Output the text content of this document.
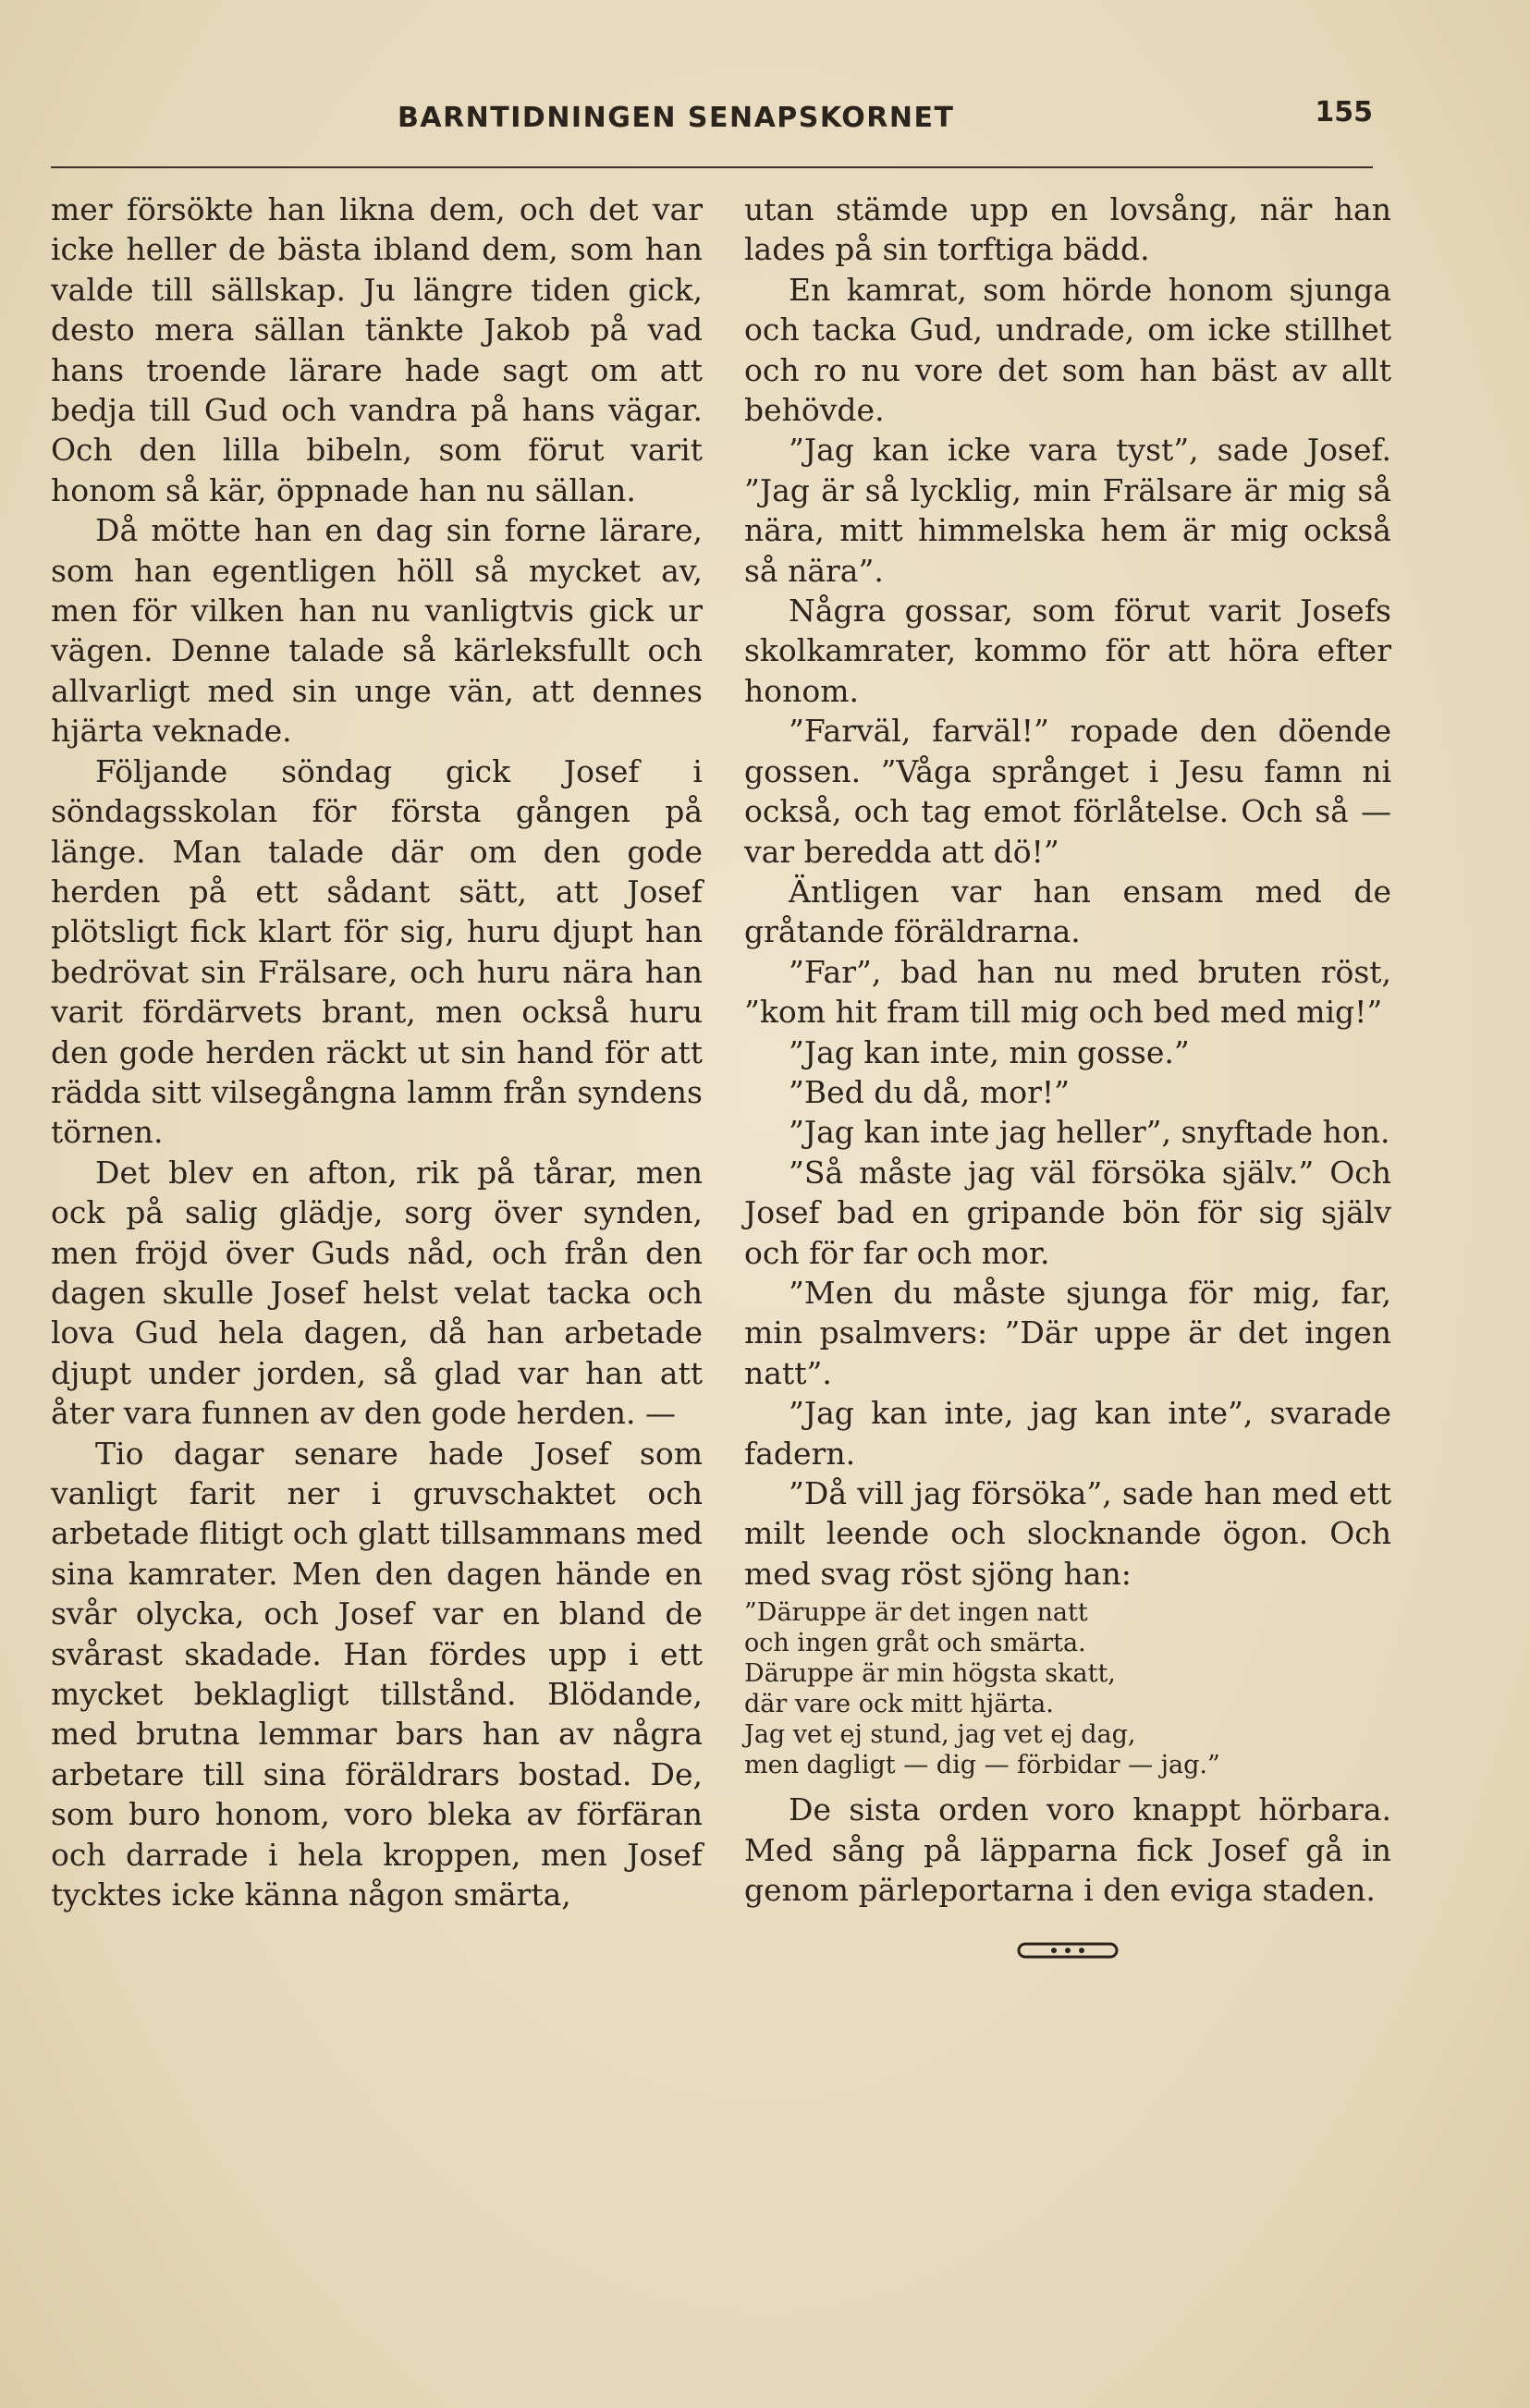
BARNTIDNINGEN SENAPSKORNET	155

mer försökte han likna dem, och det var icke heller de bästa ibland dem, som han valde till sällskap. Ju längre tiden gick, desto mera sällan tänkte Jakob på vad hans troende lärare hade sagt om att bedja till Gud och vandra på hans vägar. Och den lilla bibeln, som förut varit honom så kär, öppnade han nu sällan.

Då mötte han en dag sin forne lärare, som han egentligen höll så mycket av, men för vilken han nu vanligtvis gick ur vägen. Denne talade så kärleksfullt och allvarligt med sin unge vän, att dennes hjärta veknade.

Följande söndag gick Josef i söndagsskolan för första gången på länge. Man talade där om den gode herden på ett sådant sätt, att Josef plötsligt fick klart för sig, huru djupt han bedrövat sin Frälsare, och huru nära han varit fördärvets brant, men också huru den gode herden räckt ut sin hand för att rädda sitt vilsegångna lamm från syndens törnen.

Det blev en afton, rik på tårar, men ock på salig glädje, sorg över synden, men fröjd över Guds nåd, och från den dagen skulle Josef helst velat tacka och lova Gud hela dagen, då han arbetade djupt under jorden, så glad var han att åter vara funnen av den gode herden. —

Tio dagar senare hade Josef som vanligt farit ner i gruvschaktet och arbetade flitigt och glatt tillsammans med sina kamrater. Men den dagen hände en svår olycka, och Josef var en bland de svårast skadade. Han fördes upp i ett mycket beklagligt tillstånd. Blödande, med brutna lemmar bars han av några arbetare till sina föräldrars bostad. De, som buro honom, voro bleka av förfäran och darrade i hela kroppen, men Josef tycktes icke känna någon smärta,

utan stämde upp en lovsång, när han lades på sin torftiga bädd.

En kamrat, som hörde honom sjunga och tacka Gud, undrade, om icke stillhet och ro nu vore det som han bäst av allt behövde.

”Jag kan icke vara tyst”, sade Josef. ”Jag är så lycklig, min Frälsare är mig så nära, mitt himmelska hem är mig också så nära”.

Några gossar, som förut varit Josefs skolkamrater, kommo för att höra efter honom.

”Farväl, farväl!” ropade den döende gossen. ”Våga språnget i Jesu famn ni också, och tag emot förlåtelse. Och så — var beredda att dö!”

Äntligen var han ensam med de gråtande föräldrarna.

”Far”, bad han nu med bruten röst, ”kom hit fram till mig och bed med mig!”

”Jag kan inte, min gosse.”

”Bed du då, mor!”

”Jag kan inte jag heller”, snyftade hon.

”Så måste jag väl försöka själv.” Och Josef bad en gripande bön för sig själv och för far och mor.

”Men du måste sjunga för mig, far, min psalmvers: ”Där uppe är det ingen natt”.

”Jag kan inte, jag kan inte”, svarade fadern.

”Då vill jag försöka”, sade han med ett milt leende och slocknande ögon. Och med svag röst sjöng han:

”Däruppe är det ingen natt
och ingen gråt och smärta.
Däruppe är min högsta skatt,
där vare ock mitt hjärta.
Jag vet ej stund, jag vet ej dag,
men dagligt — dig — förbidar — jag.”

De sista orden voro knappt hörbara. Med sång på läpparna fick Josef gå in genom pärleportarna i den eviga staden.
